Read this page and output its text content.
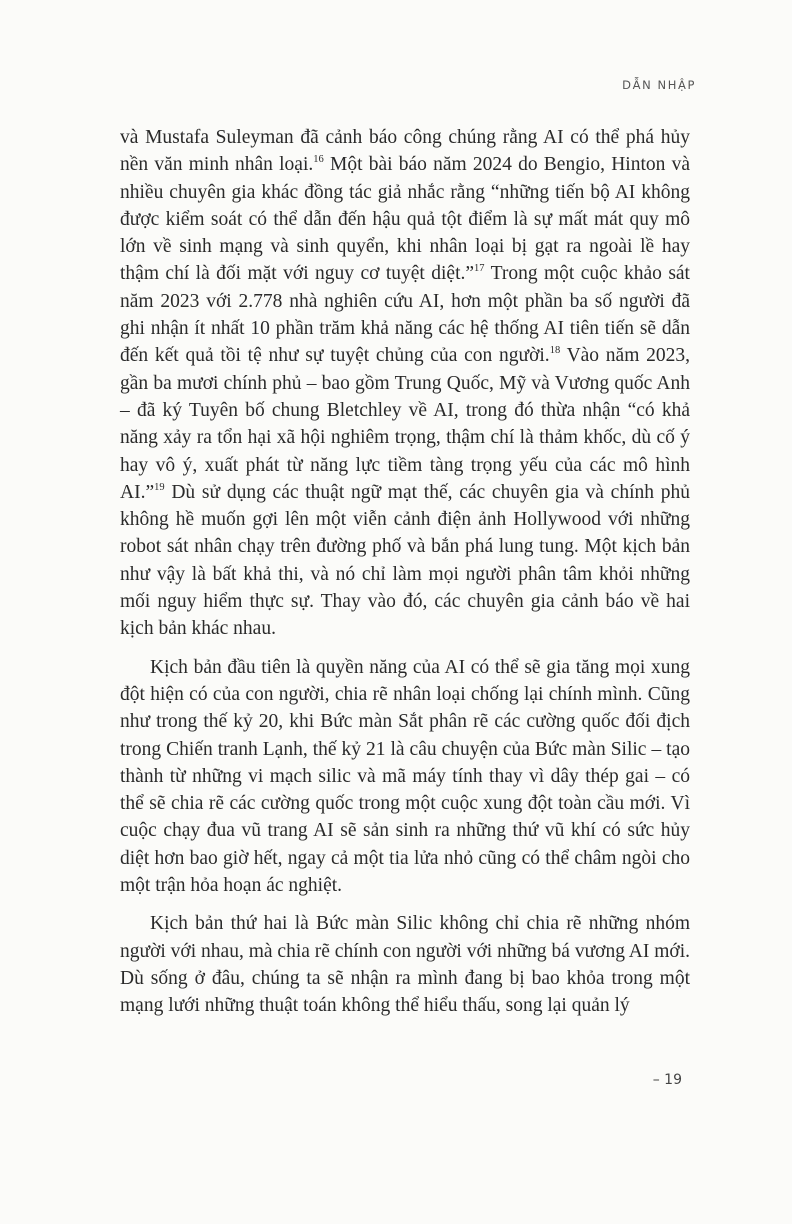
DẪN NHẬP

và Mustafa Suleyman đã cảnh báo công chúng rằng AI có thể phá hủy nền văn minh nhân loại.$^{16}$ Một bài báo năm 2024 do Bengio, Hinton và nhiều chuyên gia khác đồng tác giả nhắc rằng “những tiến bộ AI không được kiểm soát có thể dẫn đến hậu quả tột điểm là sự mất mát quy mô lớn về sinh mạng và sinh quyển, khi nhân loại bị gạt ra ngoài lề hay thậm chí là đối mặt với nguy cơ tuyệt diệt.”$^{17}$ Trong một cuộc khảo sát năm 2023 với 2.778 nhà nghiên cứu AI, hơn một phần ba số người đã ghi nhận ít nhất 10 phần trăm khả năng các hệ thống AI tiên tiến sẽ dẫn đến kết quả tồi tệ như sự tuyệt chủng của con người.$^{18}$ Vào năm 2023, gần ba mươi chính phủ – bao gồm Trung Quốc, Mỹ và Vương quốc Anh – đã ký Tuyên bố chung Bletchley về AI, trong đó thừa nhận “có khả năng xảy ra tổn hại xã hội nghiêm trọng, thậm chí là thảm khốc, dù cố ý hay vô ý, xuất phát từ năng lực tiềm tàng trọng yếu của các mô hình AI.”$^{19}$ Dù sử dụng các thuật ngữ mạt thế, các chuyên gia và chính phủ không hề muốn gợi lên một viễn cảnh điện ảnh Hollywood với những robot sát nhân chạy trên đường phố và bắn phá lung tung. Một kịch bản như vậy là bất khả thi, và nó chỉ làm mọi người phân tâm khỏi những mối nguy hiểm thực sự. Thay vào đó, các chuyên gia cảnh báo về hai kịch bản khác nhau.

Kịch bản đầu tiên là quyền năng của AI có thể sẽ gia tăng mọi xung đột hiện có của con người, chia rẽ nhân loại chống lại chính mình. Cũng như trong thế kỷ 20, khi Bức màn Sắt phân rẽ các cường quốc đối địch trong Chiến tranh Lạnh, thế kỷ 21 là câu chuyện của Bức màn Silic – tạo thành từ những vi mạch silic và mã máy tính thay vì dây thép gai – có thể sẽ chia rẽ các cường quốc trong một cuộc xung đột toàn cầu mới. Vì cuộc chạy đua vũ trang AI sẽ sản sinh ra những thứ vũ khí có sức hủy diệt hơn bao giờ hết, ngay cả một tia lửa nhỏ cũng có thể châm ngòi cho một trận hỏa hoạn ác nghiệt.

Kịch bản thứ hai là Bức màn Silic không chỉ chia rẽ những nhóm người với nhau, mà chia rẽ chính con người với những bá vương AI mới. Dù sống ở đâu, chúng ta sẽ nhận ra mình đang bị bao khỏa trong một mạng lưới những thuật toán không thể hiểu thấu, song lại quản lý

– 19
